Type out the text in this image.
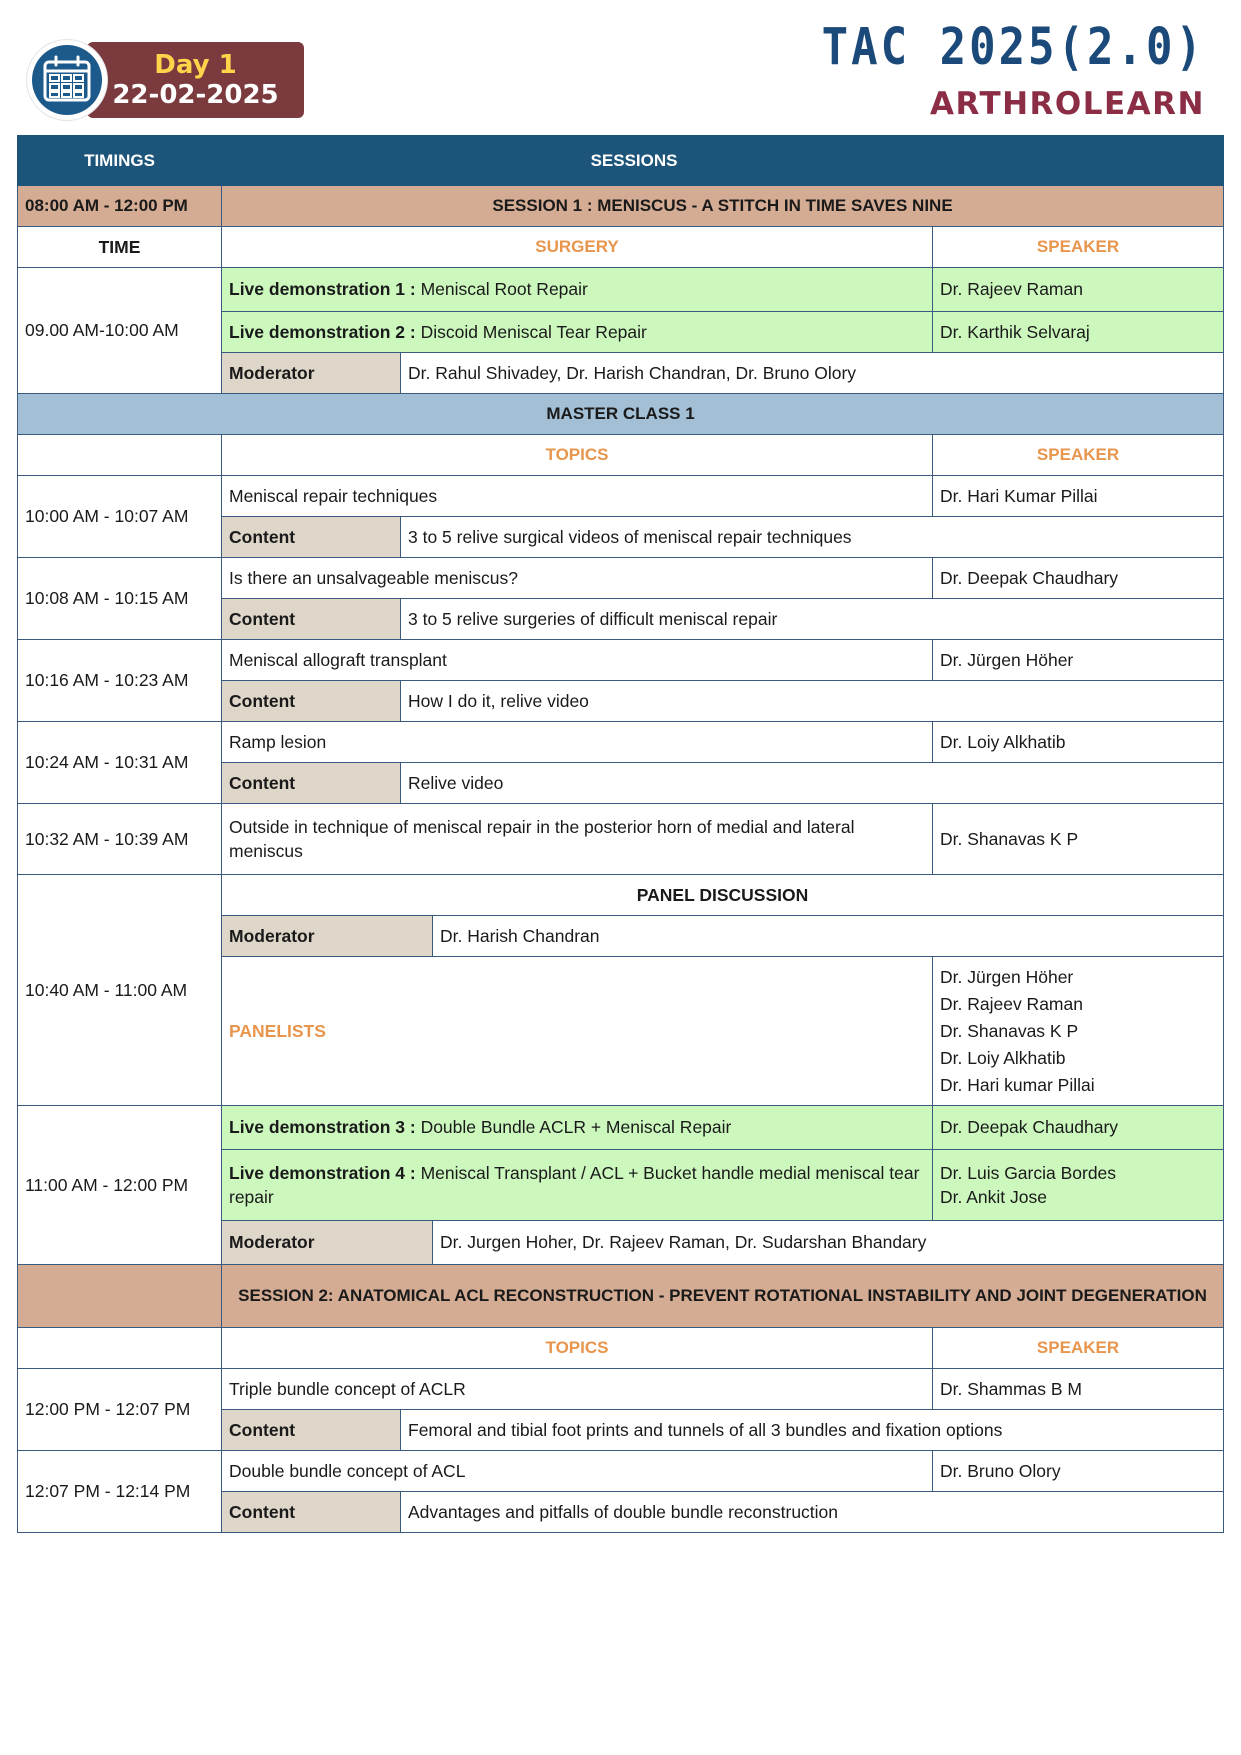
Day 1
22-02-2025
TAC 2025(2.0)
ARTHROLEARN
TIMINGS	SESSIONS				
08:00 AM - 12:00 PM	SESSION 1 : MENISCUS - A STITCH IN TIME SAVES NINE				
TIME	SURGERY			SPEAKER	
09.00 AM-10:00 AM	Live demonstration 1 : Meniscal Root Repair			Dr. Rajeev Raman	
	Live demonstration 2 : Discoid Meniscal Tear Repair			Dr. Karthik Selvaraj	
	Moderator	Dr. Rahul Shivadey, Dr. Harish Chandran, Dr. Bruno Olory			
MASTER CLASS 1					
	TOPICS			SPEAKER	
10:00 AM - 10:07 AM	Meniscal repair techniques			Dr. Hari Kumar Pillai	
	Content	3 to 5 relive surgical videos of meniscal repair techniques			
10:08 AM - 10:15 AM	Is there an unsalvageable meniscus?			Dr. Deepak Chaudhary	
	Content	3 to 5 relive surgeries of difficult meniscal repair			
10:16 AM - 10:23 AM	Meniscal allograft transplant			Dr. Jürgen Höher	
	Content	How I do it, relive video			
10:24 AM - 10:31 AM	Ramp lesion			Dr. Loiy Alkhatib	
	Content	Relive video			
10:32 AM - 10:39 AM	Outside in technique of meniscal repair in the posterior horn of medial and lateral meniscus			Dr. Shanavas K P	
10:40 AM - 11:00 AM	PANEL DISCUSSION				
	Moderator		Dr. Harish Chandran		
	PANELISTS			Dr. Jürgen Höher
Dr. Rajeev Raman
Dr. Shanavas K P
Dr. Loiy Alkhatib
Dr. Hari kumar Pillai	

11:00 AM - 12:00 PM	Live demonstration 3 : Double Bundle ACLR + Meniscal Repair			Dr. Deepak Chaudhary	
	Live demonstration 4 : Meniscal Transplant / ACL + Bucket handle medial meniscal tear repair			Dr. Luis Garcia Bordes
Dr. Ankit Jose	

	Moderator		Dr. Jurgen Hoher, Dr. Rajeev Raman, Dr. Sudarshan Bhandary		
	SESSION 2: ANATOMICAL ACL RECONSTRUCTION - PREVENT ROTATIONAL INSTABILITY AND JOINT DEGENERATION				
	TOPICS			SPEAKER	
12:00 PM - 12:07 PM	Triple bundle concept of ACLR			Dr. Shammas B M	
	Content	Femoral and tibial foot prints and tunnels of all 3 bundles and fixation options			
12:07 PM - 12:14 PM	Double bundle concept of ACL			Dr. Bruno Olory	
	Content	Advantages and pitfalls of double bundle reconstruction			
